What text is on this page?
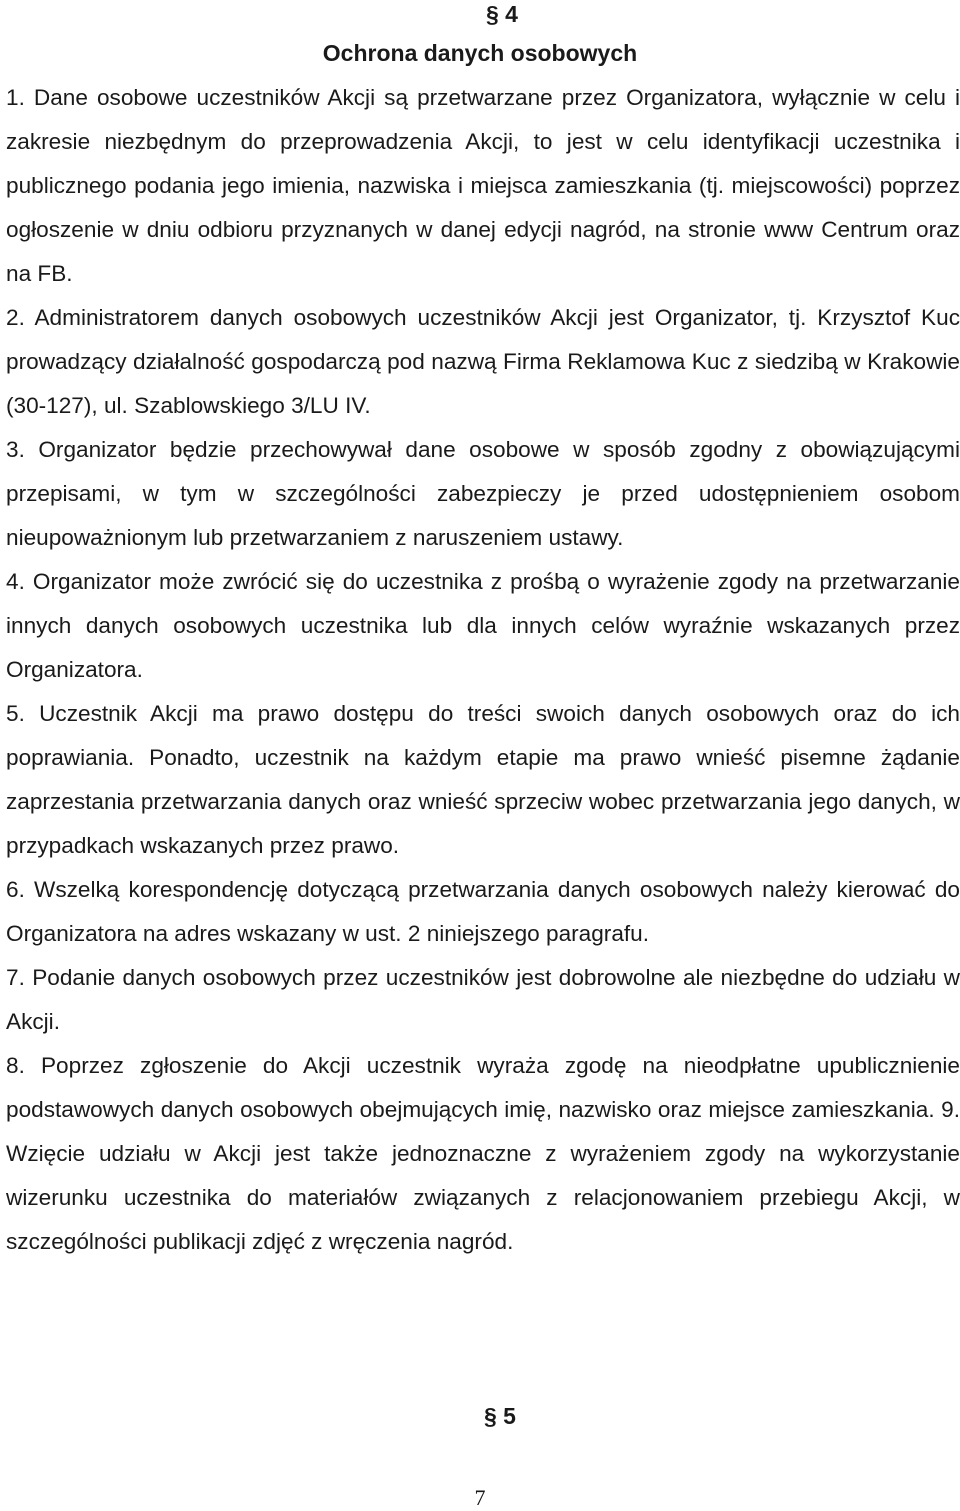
§ 4
Ochrona danych osobowych

1. Dane osobowe uczestników Akcji są przetwarzane przez Organizatora, wyłącznie w celu i zakresie niezbędnym do przeprowadzenia Akcji, to jest w celu identyfikacji uczestnika i publicznego podania jego imienia, nazwiska i miejsca zamieszkania (tj. miejscowości) poprzez ogłoszenie w dniu odbioru przyznanych w danej edycji nagród, na stronie www Centrum oraz na FB.

2. Administratorem danych osobowych uczestników Akcji jest Organizator, tj. Krzysztof Kuc prowadzący działalność gospodarczą pod nazwą Firma Reklamowa Kuc z siedzibą w Krakowie (30-127), ul. Szablowskiego 3/LU IV.

3. Organizator będzie przechowywał dane osobowe w sposób zgodny z obowiązującymi przepisami, w tym w szczególności zabezpieczy je przed udostępnieniem osobom nieupoważnionym lub przetwarzaniem z naruszeniem ustawy.

4. Organizator może zwrócić się do uczestnika z prośbą o wyrażenie zgody na przetwarzanie innych danych osobowych uczestnika lub dla innych celów wyraźnie wskazanych przez Organizatora.

5. Uczestnik Akcji ma prawo dostępu do treści swoich danych osobowych oraz do ich poprawiania. Ponadto, uczestnik na każdym etapie ma prawo wnieść pisemne żądanie zaprzestania przetwarzania danych oraz wnieść sprzeciw wobec przetwarzania jego danych, w przypadkach wskazanych przez prawo.

6. Wszelką korespondencję dotyczącą przetwarzania danych osobowych należy kierować do Organizatora na adres wskazany w ust. 2 niniejszego paragrafu.

7. Podanie danych osobowych przez uczestników jest dobrowolne ale niezbędne do udziału w Akcji.

8. Poprzez zgłoszenie do Akcji uczestnik wyraża zgodę na nieodpłatne upublicznienie podstawowych danych osobowych obejmujących imię, nazwisko oraz miejsce zamieszkania. 9. Wzięcie udziału w Akcji jest także jednoznaczne z wyrażeniem zgody na wykorzystanie wizerunku uczestnika do materiałów związanych z relacjonowaniem przebiegu Akcji, w szczególności publikacji zdjęć z wręczenia nagród.

§ 5
7
